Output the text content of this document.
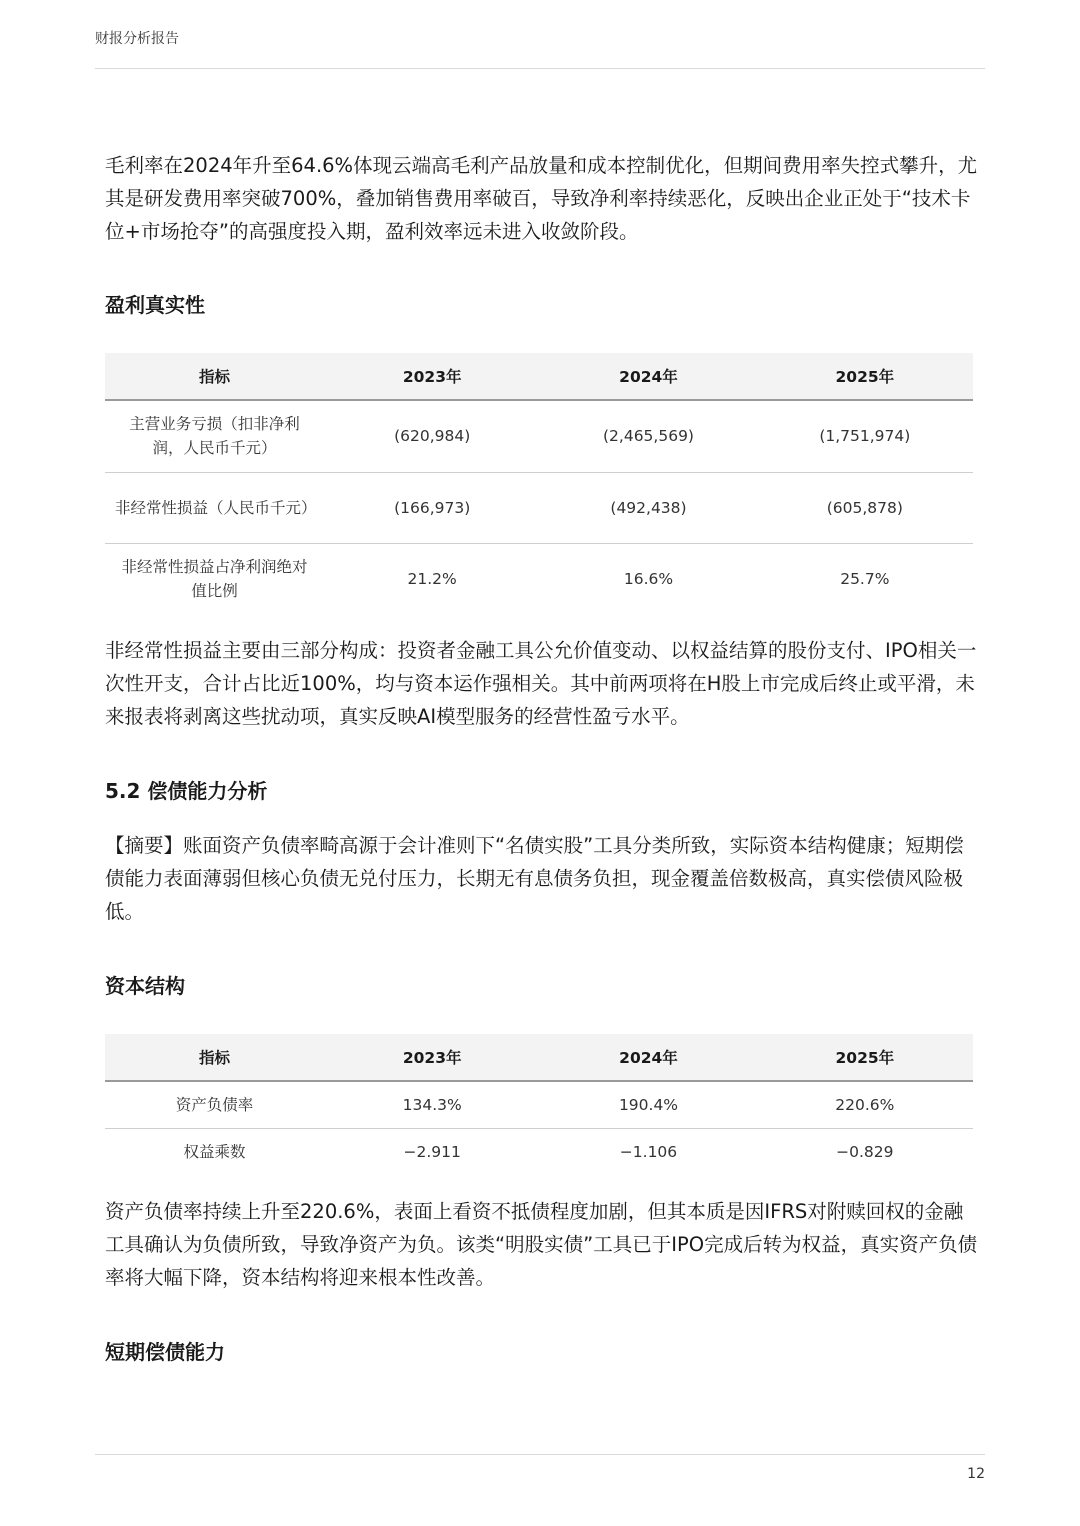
财报分析报告

毛利率在2024年升至64.6%体现云端高毛利产品放量和成本控制优化，但期间费用率失控式攀升，尤其是研发费用率突破700%，叠加销售费用率破百，导致净利率持续恶化，反映出企业正处于“技术卡位+市场抢夺”的高强度投入期，盈利效率远未进入收敛阶段。

盈利真实性
指标	2023年	2024年	2025年
主营业务亏损（扣非净利润，人民币千元）	(620,984)	(2,465,569)	(1,751,974)
非经常性损益（人民币千元）	(166,973)	(492,438)	(605,878)
非经常性损益占净利润绝对值比例	21.2%	16.6%	25.7%

非经常性损益主要由三部分构成：投资者金融工具公允价值变动、以权益结算的股份支付、IPO相关一次性开支，合计占比近100%，均与资本运作强相关。其中前两项将在H股上市完成后终止或平滑，未来报表将剥离这些扰动项，真实反映AI模型服务的经营性盈亏水平。

5.2 偿债能力分析

【摘要】账面资产负债率畸高源于会计准则下“名债实股”工具分类所致，实际资本结构健康；短期偿债能力表面薄弱但核心负债无兑付压力，长期无有息债务负担，现金覆盖倍数极高，真实偿债风险极低。

资本结构
指标	2023年	2024年	2025年
资产负债率	134.3%	190.4%	220.6%
权益乘数	−2.911	−1.106	−0.829

资产负债率持续上升至220.6%，表面上看资不抵债程度加剧，但其本质是因IFRS对附赎回权的金融工具确认为负债所致，导致净资产为负。该类“明股实债”工具已于IPO完成后转为权益，真实资产负债率将大幅下降，资本结构将迎来根本性改善。

短期偿债能力
12
